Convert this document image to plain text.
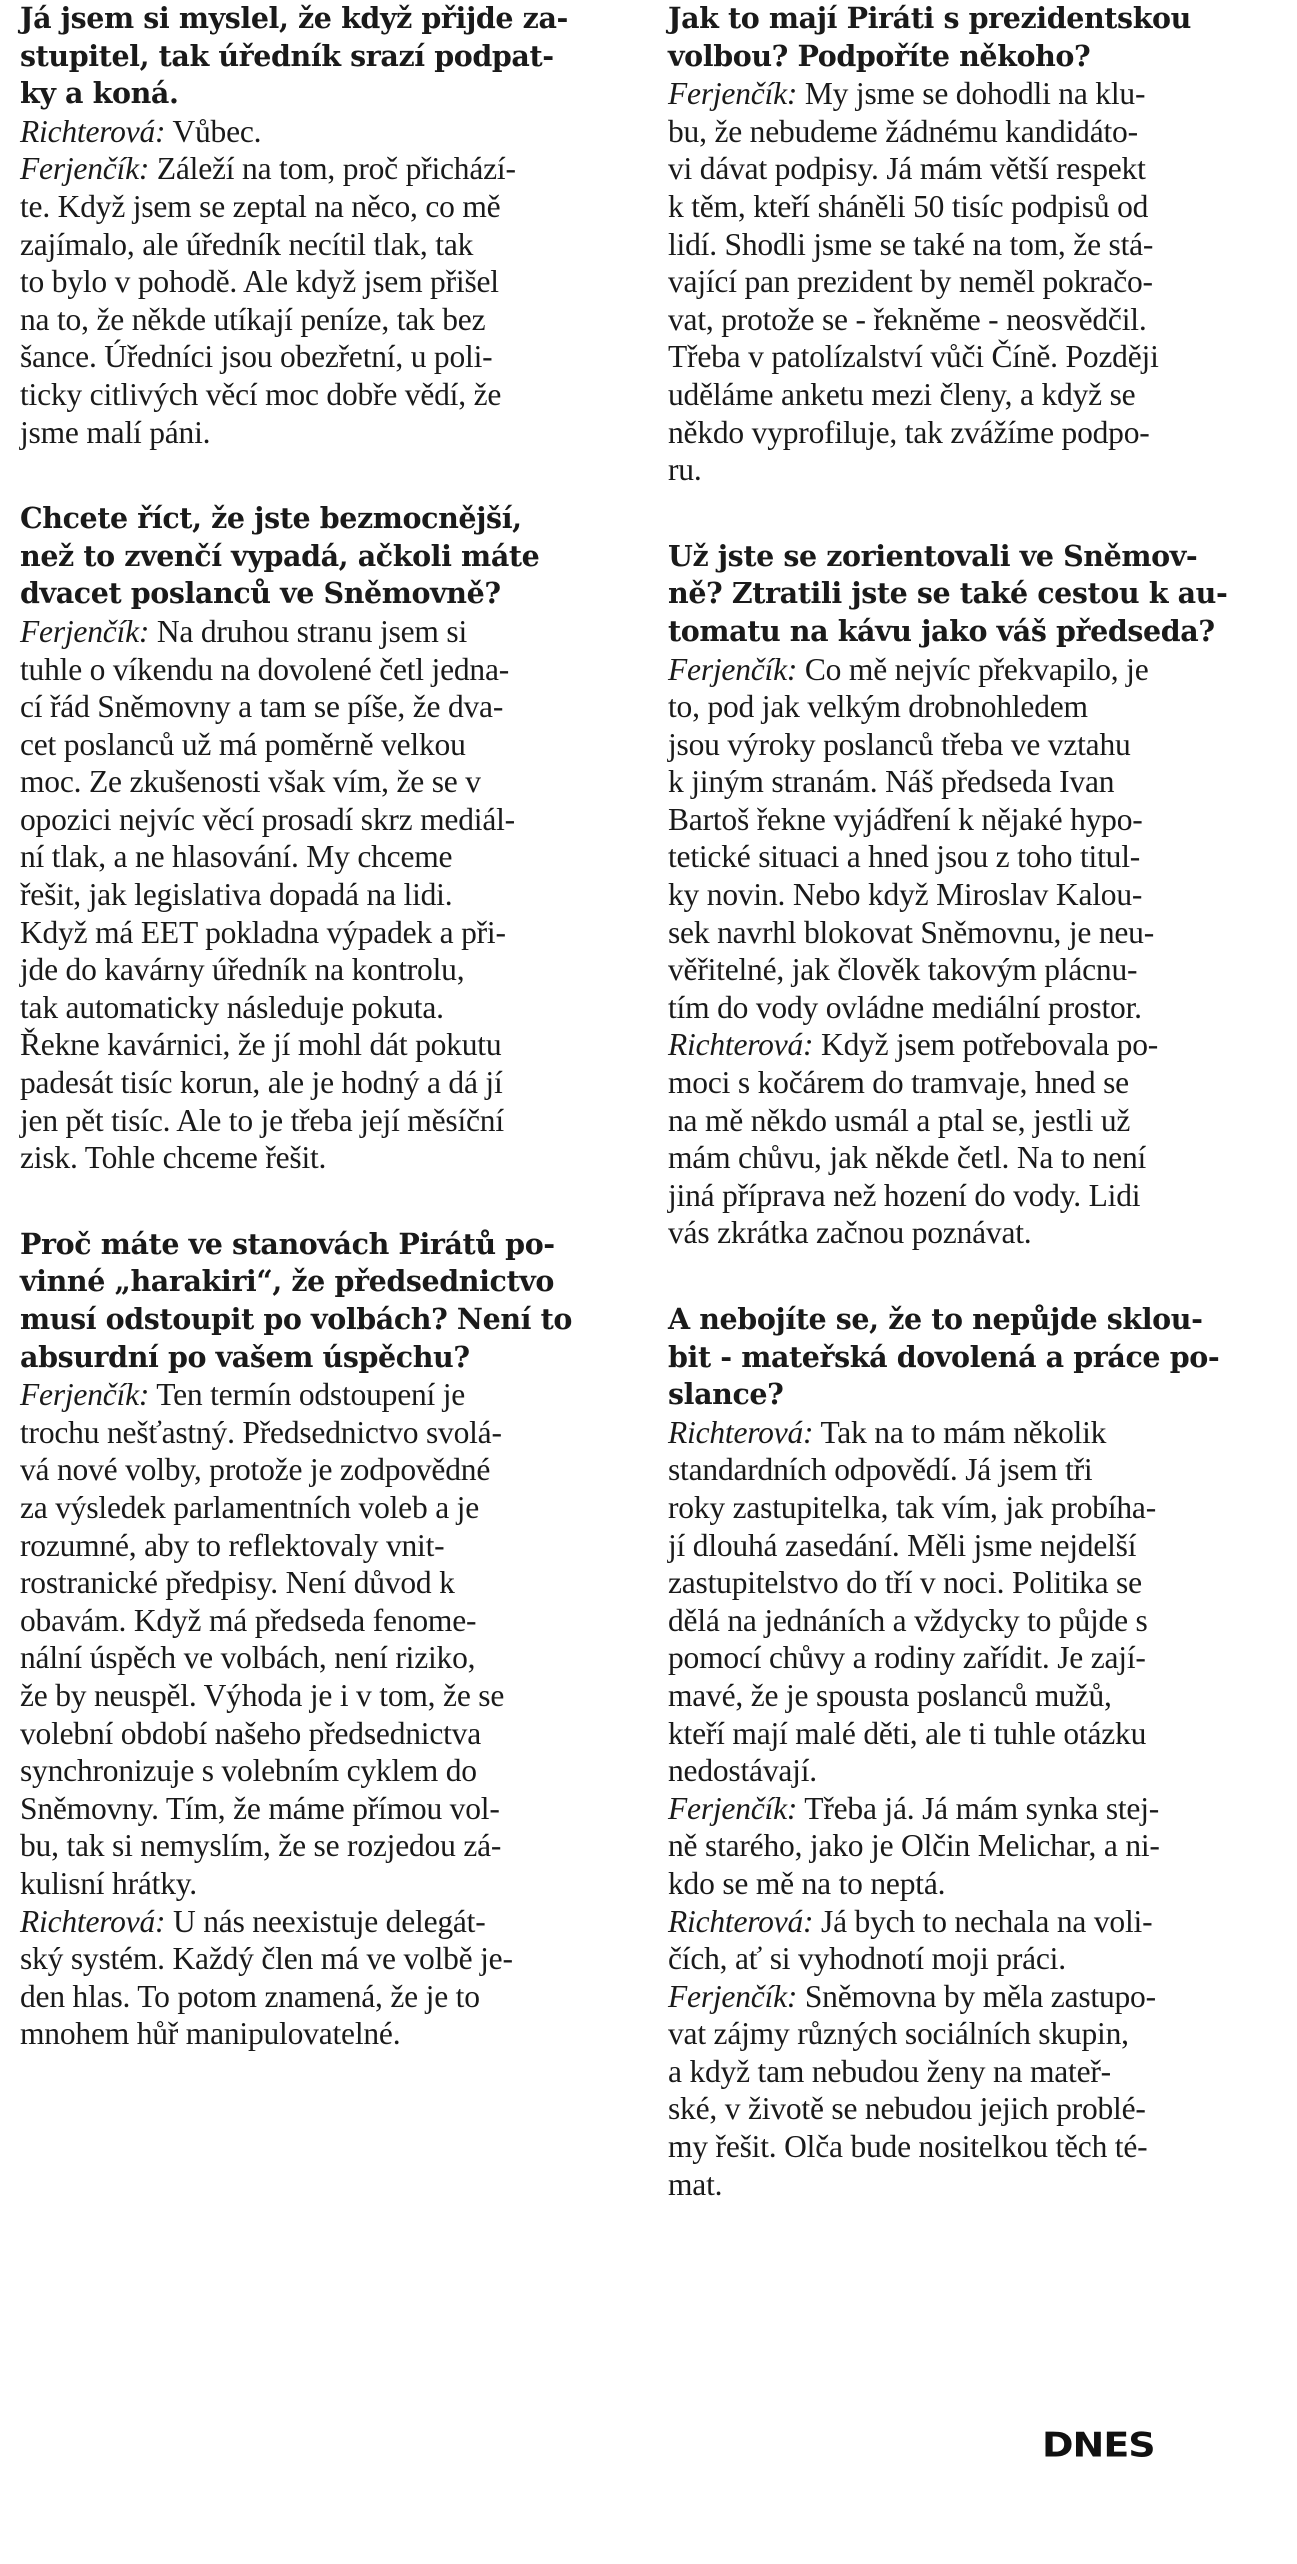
Já jsem si myslel, že když přijde za-
stupitel, tak úředník srazí podpat-
ky a koná.
Richterová: Vůbec.
Ferjenčík: Záleží na tom, proč přichází-
te. Když jsem se zeptal na něco, co mě
zajímalo, ale úředník necítil tlak, tak
to bylo v pohodě. Ale když jsem přišel
na to, že někde utíkají peníze, tak bez
šance. Úředníci jsou obezřetní, u poli-
ticky citlivých věcí moc dobře vědí, že
jsme malí páni.
Chcete říct, že jste bezmocnější,
než to zvenčí vypadá, ačkoli máte
dvacet poslanců ve Sněmovně?
Ferjenčík: Na druhou stranu jsem si
tuhle o víkendu na dovolené četl jedna-
cí řád Sněmovny a tam se píše, že dva-
cet poslanců už má poměrně velkou
moc. Ze zkušenosti však vím, že se v
opozici nejvíc věcí prosadí skrz mediál-
ní tlak, a ne hlasování. My chceme
řešit, jak legislativa dopadá na lidi.
Když má EET pokladna výpadek a při-
jde do kavárny úředník na kontrolu,
tak automaticky následuje pokuta.
Řekne kavárnici, že jí mohl dát pokutu
padesát tisíc korun, ale je hodný a dá jí
jen pět tisíc. Ale to je třeba její měsíční
zisk. Tohle chceme řešit.
Proč máte ve stanovách Pirátů po-
vinné „harakiri“, že předsednictvo
musí odstoupit po volbách? Není to
absurdní po vašem úspěchu?
Ferjenčík: Ten termín odstoupení je
trochu nešťastný. Předsednictvo svolá-
vá nové volby, protože je zodpovědné
za výsledek parlamentních voleb a je
rozumné, aby to reflektovaly vnit-
rostranické předpisy. Není důvod k
obavám. Když má předseda fenome-
nální úspěch ve volbách, není riziko,
že by neuspěl. Výhoda je i v tom, že se
volební období našeho předsednictva
synchronizuje s volebním cyklem do
Sněmovny. Tím, že máme přímou vol-
bu, tak si nemyslím, že se rozjedou zá-
kulisní hrátky.
Richterová: U nás neexistuje delegát-
ský systém. Každý člen má ve volbě je-
den hlas. To potom znamená, že je to
mnohem hůř manipulovatelné.
Jak to mají Piráti s prezidentskou
volbou? Podpoříte někoho?
Ferjenčík: My jsme se dohodli na klu-
bu, že nebudeme žádnému kandidáto-
vi dávat podpisy. Já mám větší respekt
k těm, kteří sháněli 50 tisíc podpisů od
lidí. Shodli jsme se také na tom, že stá-
vající pan prezident by neměl pokračo-
vat, protože se - řekněme - neosvědčil.
Třeba v patolízalství vůči Číně. Později
uděláme anketu mezi členy, a když se
někdo vyprofiluje, tak zvážíme podpo-
ru.
Už jste se zorientovali ve Sněmov-
ně? Ztratili jste se také cestou k au-
tomatu na kávu jako váš předseda?
Ferjenčík: Co mě nejvíc překvapilo, je
to, pod jak velkým drobnohledem
jsou výroky poslanců třeba ve vztahu
k jiným stranám. Náš předseda Ivan
Bartoš řekne vyjádření k nějaké hypo-
tetické situaci a hned jsou z toho titul-
ky novin. Nebo když Miroslav Kalou-
sek navrhl blokovat Sněmovnu, je neu-
věřitelné, jak člověk takovým plácnu-
tím do vody ovládne mediální prostor.
Richterová: Když jsem potřebovala po-
moci s kočárem do tramvaje, hned se
na mě někdo usmál a ptal se, jestli už
mám chůvu, jak někde četl. Na to není
jiná příprava než hození do vody. Lidi
vás zkrátka začnou poznávat.
A nebojíte se, že to nepůjde sklou-
bit - mateřská dovolená a práce po-
slance?
Richterová: Tak na to mám několik
standardních odpovědí. Já jsem tři
roky zastupitelka, tak vím, jak probíha-
jí dlouhá zasedání. Měli jsme nejdelší
zastupitelstvo do tří v noci. Politika se
dělá na jednáních a vždycky to půjde s
pomocí chůvy a rodiny zařídit. Je zají-
mavé, že je spousta poslanců mužů,
kteří mají malé děti, ale ti tuhle otázku
nedostávají.
Ferjenčík: Třeba já. Já mám synka stej-
ně starého, jako je Olčin Melichar, a ni-
kdo se mě na to neptá.
Richterová: Já bych to nechala na voli-
čích, ať si vyhodnotí moji práci.
Ferjenčík: Sněmovna by měla zastupo-
vat zájmy různých sociálních skupin,
a když tam nebudou ženy na mateř-
ské, v životě se nebudou jejich problé-
my řešit. Olča bude nositelkou těch té-
mat.
DNES
